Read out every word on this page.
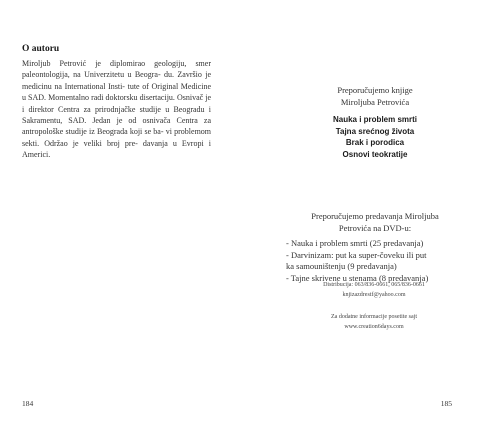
O autoru

Miroljub Petrović je diplomirao geologiju, smer paleontologija, na Univerzitetu u Beogra- du. Završio je medicinu na International Insti- tute of Original Medicine u SAD. Momentalno radi doktorsku disertaciju. Osnivač je i direktor Centra za prirodnjačke studije u Beogradu i Sakramentu, SAD. Jedan je od osnivača Centra za antropološke studije iz Beograda koji se ba- vi problemom sekti. Održao je veliki broj pre- davanja u Evropi i Americi.

184
Preporučujemo knjige
Miroljuba Petrovića
Nauka i problem smrti
Tajna srećnog života
Brak i porodica
Osnovi teokratije
Preporučujemo predavanja Miroljuba
Petrovića na DVD-u:
- Nauka i problem smrti (25 predavanja)
- Darvinizam: put ka super-čoveku ili put
ka samouništenju (9 predavanja)
- Tajne skrivene u stenama (8 predavanja)
Distribucija: 063/836-0661, 065/836-0661
knjizazdrestf@yahoo.com
Za dodatne informacije posetite sajt
www.creation6days.com
185
